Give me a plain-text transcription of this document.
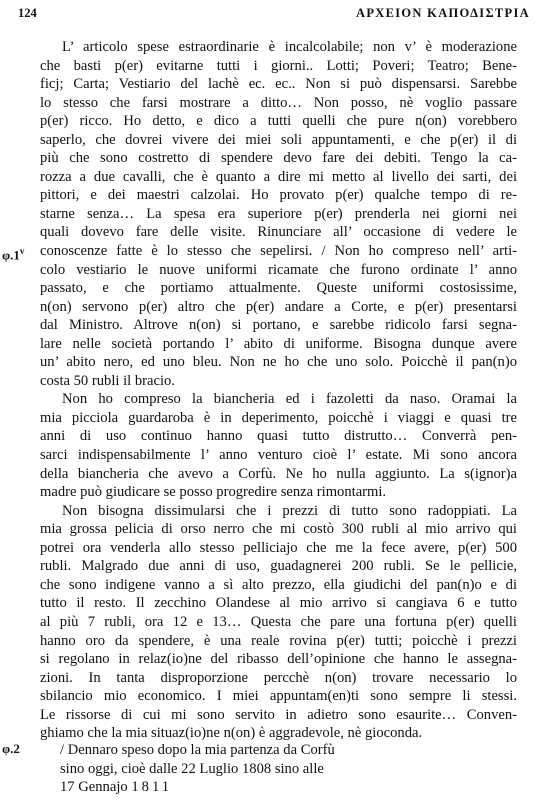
124	ΑΡΧΕΙΟΝ ΚΑΠΟΔΙΣΤΡΙΑ
L’ articolo spese estraordinarie è incalcolabile; non v’ è moderazione
che basti p(er) evitarne tutti i giorni.. Lotti; Poveri; Teatro; Bene-
ficj; Carta; Vestiario del lachè ec. ec.. Non si può dispensarsi. Sarebbe
lo stesso che farsi mostrare a ditto… Non posso, nè voglio passare
p(er) ricco. Ho detto, e dico a tutti quelli che pure n(on) vorebbero
saperlo, che dovrei vivere dei miei soli appuntamenti, e che p(er) il di
più che sono costretto di spendere devo fare dei debiti. Tengo la ca-
rozza a due cavalli, che è quanto a dire mi metto al livello dei sarti, dei
pittori, e dei maestri calzolai. Ho provato p(er) qualche tempo di re-
starne senza… La spesa era superiore p(er) prenderla nei giorni nei
quali dovevo fare delle visite. Rinunciare all’ occasione di vedere le
φ.1$^v$ conoscenze fatte è lo stesso che sepelirsi. / Non ho compreso nell’ arti-
colo vestiario le nuove uniformi ricamate che furono ordinate l’ anno
passato, e che portiamo attualmente. Queste uniformi costosissime,
n(on) servono p(er) altro che p(er) andare a Corte, e p(er) presentarsi
dal Ministro. Altrove n(on) si portano, e sarebbe ridicolo farsi segna-
lare nelle società portando l’ abito di uniforme. Bisogna dunque avere
un’ abito nero, ed uno bleu. Non ne ho che uno solo. Poicchè il pan(n)o
costa 50 rubli il bracio.
Non ho compreso la biancheria ed i fazoletti da naso. Oramai la
mia picciola guardaroba è in deperimento, poicchè i viaggi e quasi tre
anni di uso continuo hanno quasi tutto distrutto… Converrà pen-
sarci indispensabilmente l’ anno venturo cioè l’ estate. Mi sono ancora
della biancheria che avevo a Corfù. Ne ho nulla aggiunto. La s(ignor)a
madre può giudicare se posso progredire senza rimontarmi.
Non bisogna dissimularsi che i prezzi di tutto sono radoppiati. La
mia grossa pelicia di orso nerro che mi costò 300 rubli al mio arrivo qui
potrei ora venderla allo stesso pelliciajo che me la fece avere, p(er) 500
rubli. Malgrado due anni di uso, guadagnerei 200 rubli. Se le pellicie,
che sono indigene vanno a sì alto prezzo, ella giudichi del pan(n)o e di
tutto il resto. Il zecchino Olandese al mio arrivo si cangiava 6 e tutto
al più 7 rubli, ora 12 e 13… Questa che pare una fortuna p(er) quelli
hanno oro da spendere, è una reale rovina p(er) tutti; poicchè i prezzi
si regolano in relaz(io)ne del ribasso dell’opinione che hanno le assegna-
zioni. In tanta disproporzione percchè n(on) trovare necessario lo
sbilancio mio economico. I miei appuntam(en)ti sono sempre li stessi.
Le rissorse di cui mi sono servito in adietro sono esaurite… Conven-
ghiamo che la mia situaz(io)ne n(on) è aggradevole, nè gioconda.
φ.2	/ Dennaro speso dopo la mia partenza da Corfù
sino oggi, cioè dalle 22 Luglio 1808 sino alle
17 Gennajo 1811
